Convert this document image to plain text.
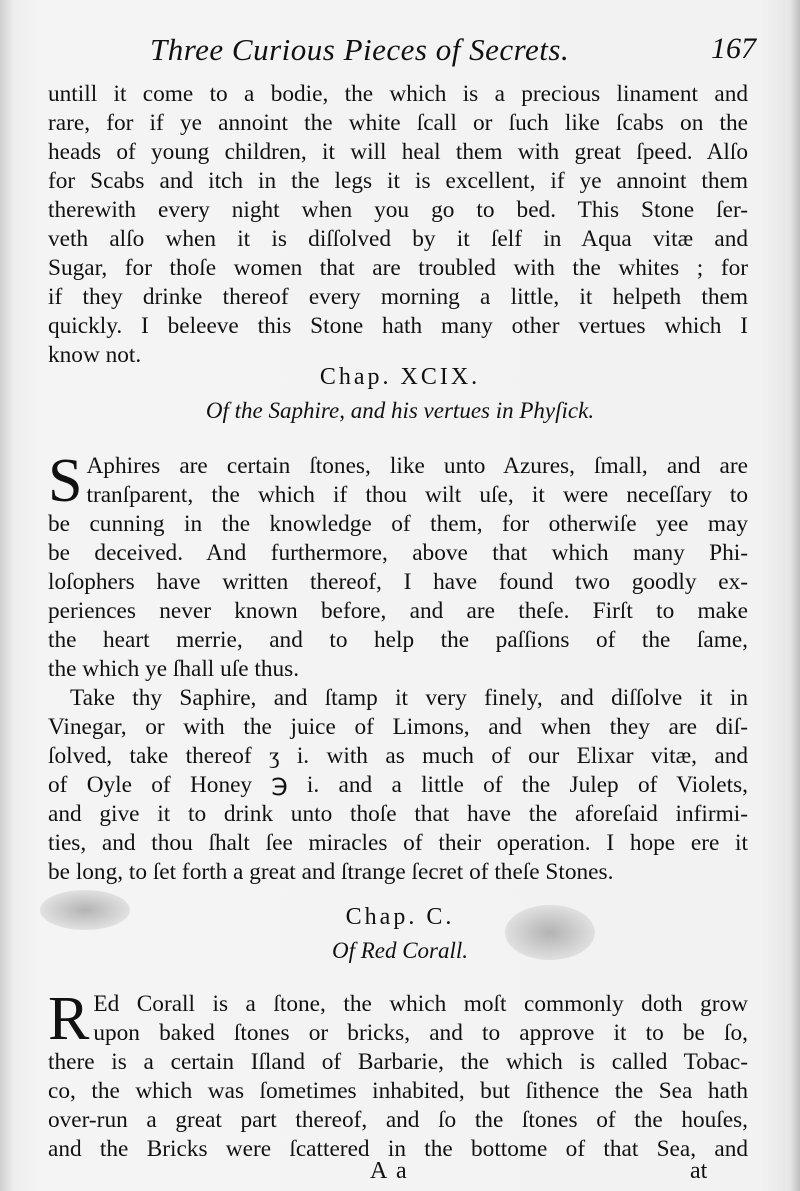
Three Curious Pieces of Secrets.	167
untill it come to a bodie, the which is a precious linament and
rare, for if ye annoint the white ſcall or ſuch like ſcabs on the
heads of young children, it will heal them with great ſpeed. Alſo
for Scabs and itch in the legs it is excellent, if ye annoint them
therewith every night when you go to bed. This Stone ſer-
veth alſo when it is diſſolved by it ſelf in Aqua vitæ and
Sugar, for thoſe women that are troubled with the whites ; for
if they drinke thereof every morning a little, it helpeth them
quickly. I beleeve this Stone hath many other vertues which I
know not.
Chap. XCIX.
Of the Saphire, and his vertues in Phyſick.
S Aphires are certain ſtones, like unto Azures, ſmall, and are
tranſparent, the which if thou wilt uſe, it were neceſſary to
be cunning in the knowledge of them, for otherwiſe yee may
be deceived. And furthermore, above that which many Phi-
loſophers have written thereof, I have found two goodly ex-
periences never known before, and are theſe. Firſt to make
the heart merrie, and to help the paſſions of the ſame,
the which ye ſhall uſe thus.
Take thy Saphire, and ſtamp it very finely, and diſſolve it in
Vinegar, or with the juice of Limons, and when they are diſ-
ſolved, take thereof ʒ i. with as much of our Elixar vitæ, and
of Oyle of Honey ℈ i. and a little of the Julep of Violets,
and give it to drink unto thoſe that have the aforeſaid infirmi-
ties, and thou ſhalt ſee miracles of their operation. I hope ere it
be long, to ſet forth a great and ſtrange ſecret of theſe Stones.
Chap. C.
Of Red Corall.
R Ed Corall is a ſtone, the which moſt commonly doth grow
upon baked ſtones or bricks, and to approve it to be ſo,
there is a certain Iſland of Barbarie, the which is called Tobac-
co, the which was ſometimes inhabited, but ſithence the Sea hath
over-run a great part thereof, and ſo the ſtones of the houſes,
and the Bricks were ſcattered in the bottome of that Sea, and
A a	at
